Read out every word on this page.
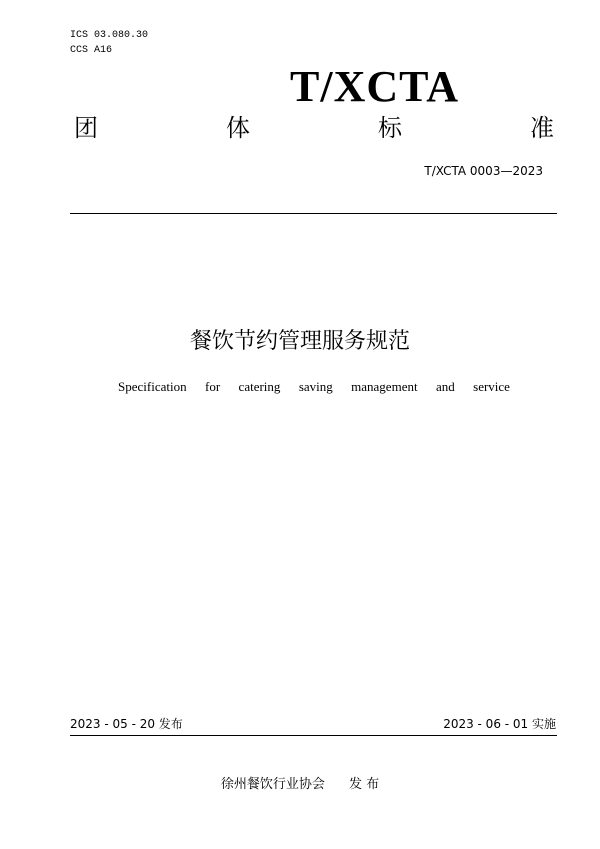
ICS 03.080.30
CCS A16
T/XCTA
团	体	标	准
T/XCTA 0003—2023
餐饮节约管理服务规范
Specification for catering saving management and service
2023 - 05 - 20 发布	2023 - 06 - 01 实施
徐州餐饮行业协会 发 布
